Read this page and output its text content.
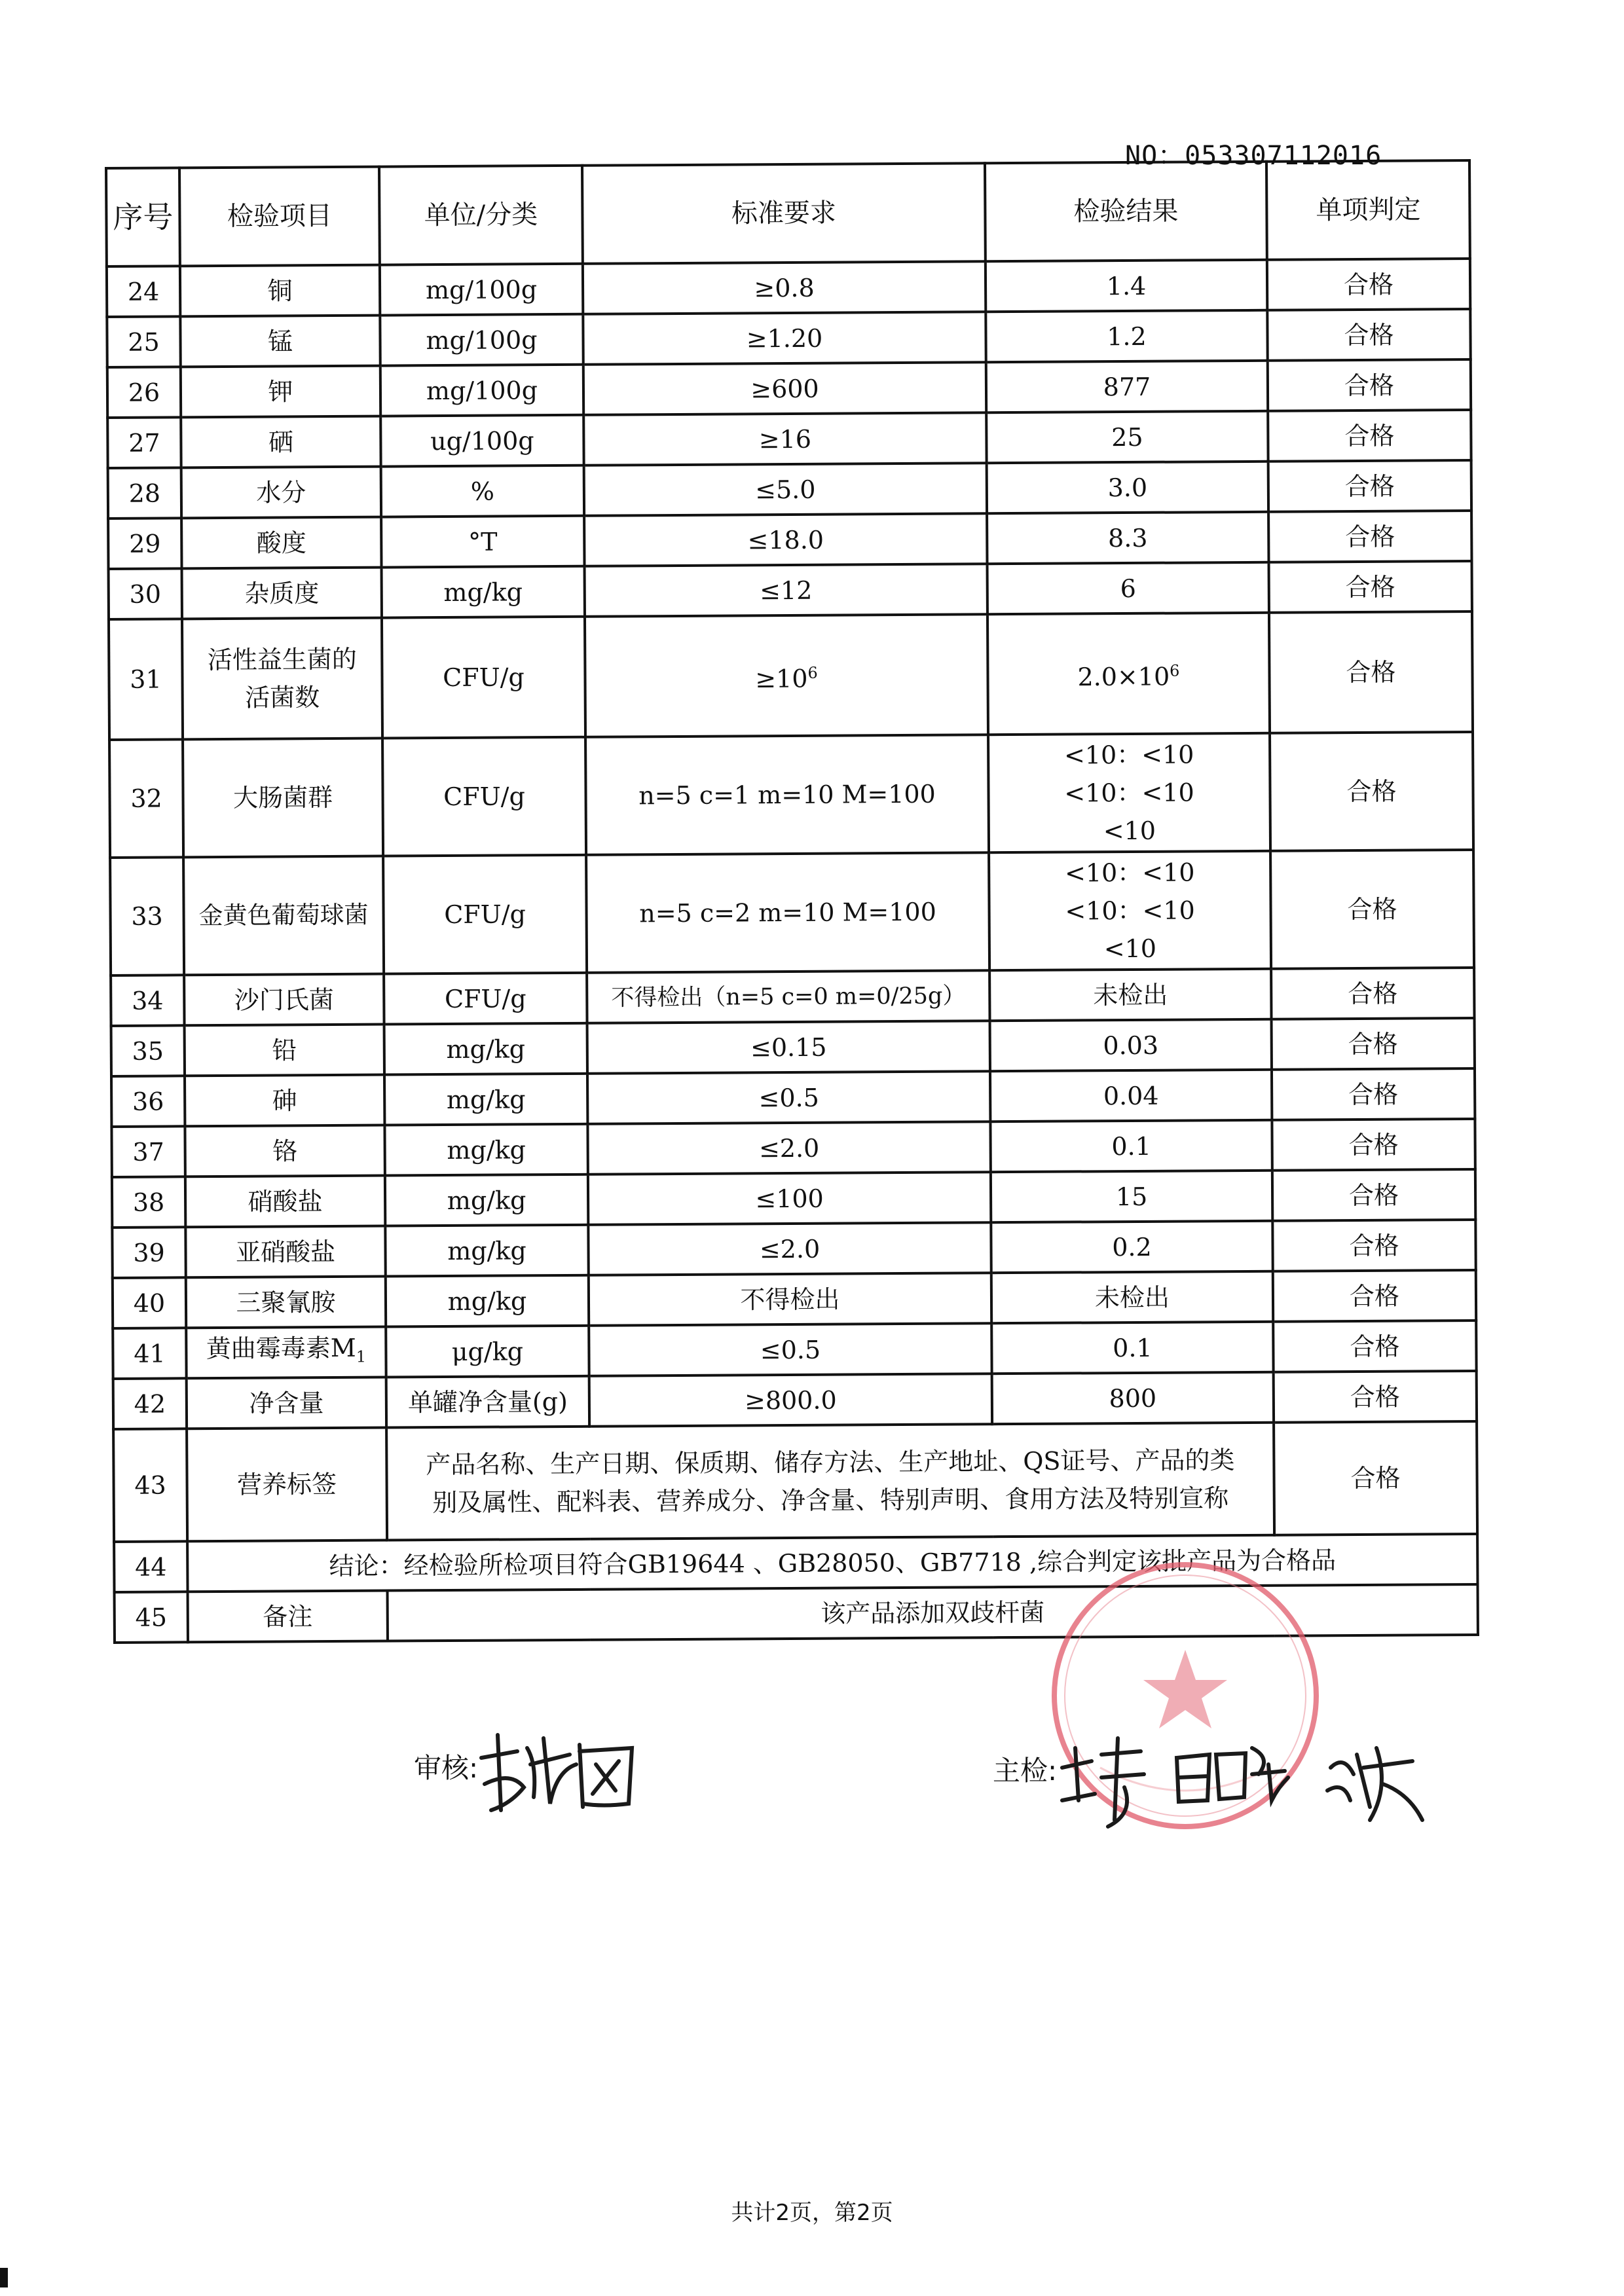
NO：053307112016
序号	检验项目	单位/分类	标准要求	检验结果	单项判定
24	铜	mg/100g	≥0.8	1.4	合格
25	锰	mg/100g	≥1.20	1.2	合格
26	钾	mg/100g	≥600	877	合格
27	硒	ug/100g	≥16	25	合格
28	水分	%	≤5.0	3.0	合格
29	酸度	°T	≤18.0	8.3	合格
30	杂质度	mg/kg	≤12	6	合格
31	活性益生菌的
活菌数	CFU/g	$\ge 10^6$	$2.0\times 10^6$	合格
32	大肠菌群	CFU/g	n=5 c=1 m=10 M=100	<10：<10
<10：<10
<10	合格
33	金黄色葡萄球菌	CFU/g	n=5 c=2 m=10 M=100	<10：<10
<10：<10
<10	合格
34	沙门氏菌	CFU/g	不得检出（n=5 c=0 m=0/25g）	未检出	合格
35	铅	mg/kg	≤0.15	0.03	合格
36	砷	mg/kg	≤0.5	0.04	合格
37	铬	mg/kg	≤2.0	0.1	合格
38	硝酸盐	mg/kg	≤100	15	合格
39	亚硝酸盐	mg/kg	≤2.0	0.2	合格
40	三聚氰胺	mg/kg	不得检出	未检出	合格
41	黄曲霉毒素$M_1$	μg/kg	≤0.5	0.1	合格
42	净含量	单罐净含量(g)	≥800.0	800	合格
43	营养标签	产品名称、生产日期、保质期、储存方法、生产地址、QS证号、产品的类
别及属性、配料表、营养成分、净含量、特别声明、食用方法及特别宣称			合格
44	结论：经检验所检项目符合GB19644 、GB28050、GB7718 ,综合判定该批产品为合格品				
45	备注	该产品添加双歧杆菌			
审核:	主检:
共计2页，第2页
